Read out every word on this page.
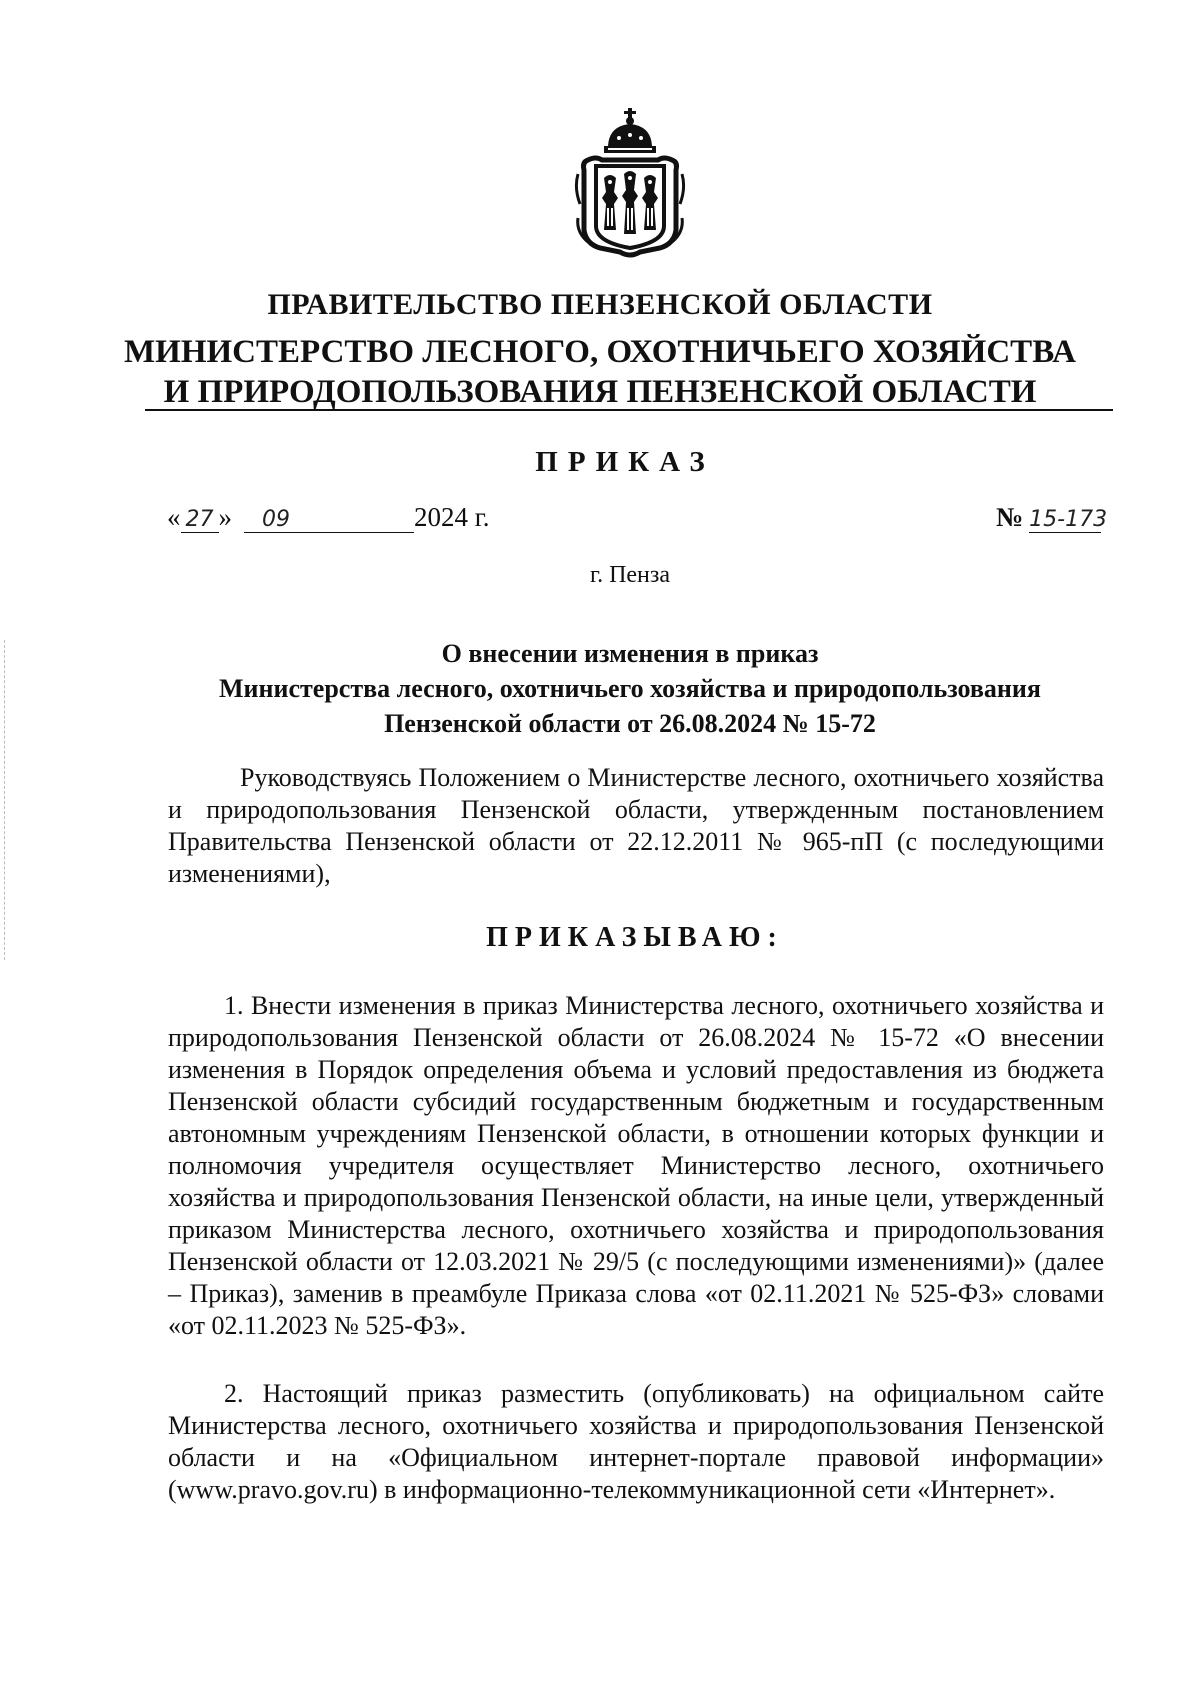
ПРАВИТЕЛЬСТВО ПЕНЗЕНСКОЙ ОБЛАСТИ
МИНИСТЕРСТВО ЛЕСНОГО, ОХОТНИЧЬЕГО ХОЗЯЙСТВА
И ПРИРОДОПОЛЬЗОВАНИЯ ПЕНЗЕНСКОЙ ОБЛАСТИ
ПРИКАЗ
« 27 » 09	2024 г.	№ 15-173
г. Пенза
О внесении изменения в приказ
Министерства лесного, охотничьего хозяйства и природопользования
Пензенской области от 26.08.2024 № 15-72
Руководствуясь Положением о Министерстве лесного, охотничьего хозяйства и природопользования Пензенской области, утвержденным постановлением Правительства Пензенской области от 22.12.2011 № 965-пП (с последующими изменениями),
ПРИКАЗЫВАЮ:
1. Внести изменения в приказ Министерства лесного, охотничьего хозяйства и природопользования Пензенской области от 26.08.2024 № 15-72 «О внесении изменения в Порядок определения объема и условий предоставления из бюджета Пензенской области субсидий государственным бюджетным и государственным автономным учреждениям Пензенской области, в отношении которых функции и полномочия учредителя осуществляет Министерство лесного, охотничьего хозяйства и природопользования Пензенской области, на иные цели, утвержденный приказом Министерства лесного, охотничьего хозяйства и природопользования Пензенской области от 12.03.2021 № 29/5 (с последующими изменениями)» (далее – Приказ), заменив в преамбуле Приказа слова «от 02.11.2021 № 525-ФЗ» словами «от 02.11.2023 № 525-ФЗ».
2. Настоящий приказ разместить (опубликовать) на официальном сайте Министерства лесного, охотничьего хозяйства и природопользования Пензенской области и на «Официальном интернет-портале правовой информации» (www.pravo.gov.ru) в информационно-телекоммуникационной сети «Интернет».
